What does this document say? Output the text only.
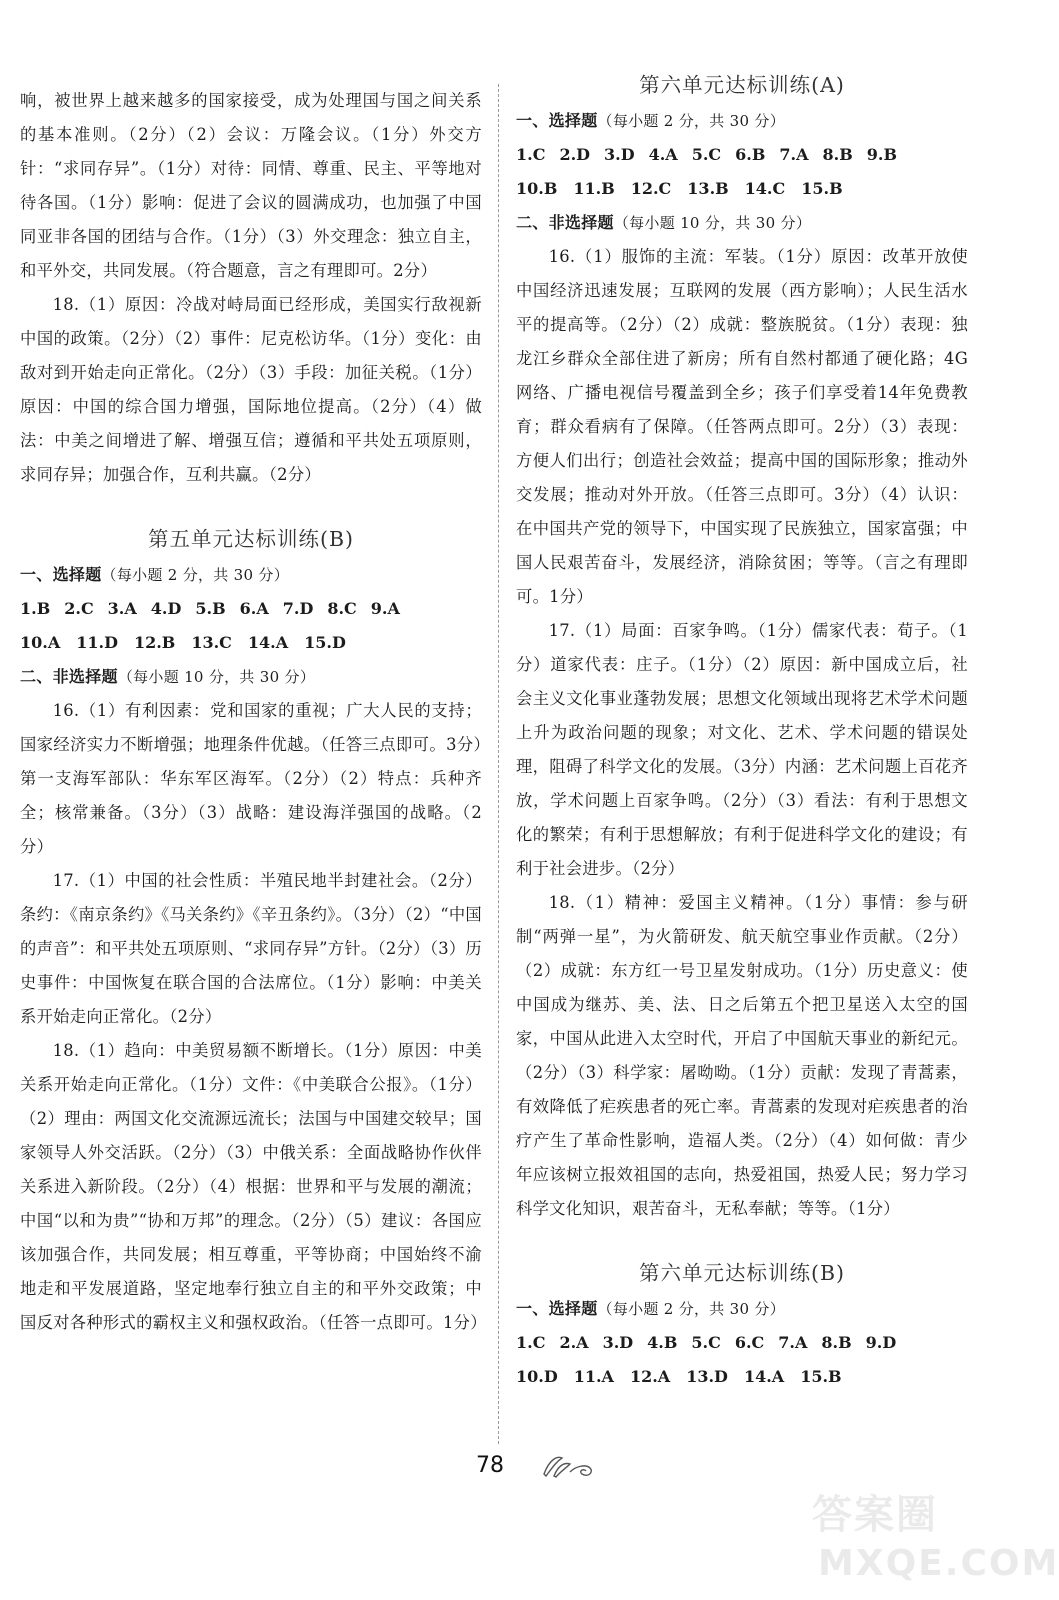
响，被世界上越来越多的国家接受，成为处理国与国之间关系的基本准则。（2分）（2）会议：万隆会议。（1分）外交方针：“求同存异”。（1分）对待：同情、尊重、民主、平等地对待各国。（1分）影响：促进了会议的圆满成功，也加强了中国同亚非各国的团结与合作。（1分）（3）外交理念：独立自主，和平外交，共同发展。（符合题意，言之有理即可。2分）

18.（1）原因：冷战对峙局面已经形成，美国实行敌视新中国的政策。（2分）（2）事件：尼克松访华。（1分）变化：由敌对到开始走向正常化。（2分）（3）手段：加征关税。（1分）原因：中国的综合国力增强，国际地位提高。（2分）（4）做法：中美之间增进了解、增强互信；遵循和平共处五项原则，求同存异；加强合作，互利共赢。（2分）

第五单元达标训练(B)

一、选择题（每小题 2 分，共 30 分）

1.B 2.C 3.A 4.D 5.B 6.A 7.D 8.C 9.A
10.A 11.D 12.B 13.C 14.A 15.D

二、非选择题（每小题 10 分，共 30 分）

16.（1）有利因素：党和国家的重视；广大人民的支持；国家经济实力不断增强；地理条件优越。（任答三点即可。3分）第一支海军部队：华东军区海军。（2分）（2）特点：兵种齐全；核常兼备。（3分）（3）战略：建设海洋强国的战略。（2分）

17.（1）中国的社会性质：半殖民地半封建社会。（2分）条约：《南京条约》《马关条约》《辛丑条约》。（3分）（2）“中国的声音”：和平共处五项原则、“求同存异”方针。（2分）（3）历史事件：中国恢复在联合国的合法席位。（1分）影响：中美关系开始走向正常化。（2分）

18.（1）趋向：中美贸易额不断增长。（1分）原因：中美关系开始走向正常化。（1分）文件：《中美联合公报》。（1分）（2）理由：两国文化交流源远流长；法国与中国建交较早；国家领导人外交活跃。（2分）（3）中俄关系：全面战略协作伙伴关系进入新阶段。（2分）（4）根据：世界和平与发展的潮流；中国“以和为贵”“协和万邦”的理念。（2分）（5）建议：各国应该加强合作，共同发展；相互尊重，平等协商；中国始终不渝地走和平发展道路，坚定地奉行独立自主的和平外交政策；中国反对各种形式的霸权主义和强权政治。（任答一点即可。1分）

第六单元达标训练(A)

一、选择题（每小题 2 分，共 30 分）

1.C 2.D 3.D 4.A 5.C 6.B 7.A 8.B 9.B
10.B 11.B 12.C 13.B 14.C 15.B

二、非选择题（每小题 10 分，共 30 分）

16.（1）服饰的主流：军装。（1分）原因：改革开放使中国经济迅速发展；互联网的发展（西方影响）；人民生活水平的提高等。（2分）（2）成就：整族脱贫。（1分）表现：独龙江乡群众全部住进了新房；所有自然村都通了硬化路；4G网络、广播电视信号覆盖到全乡；孩子们享受着14年免费教育；群众看病有了保障。（任答两点即可。2分）（3）表现：方便人们出行；创造社会效益；提高中国的国际形象；推动外交发展；推动对外开放。（任答三点即可。3分）（4）认识：在中国共产党的领导下，中国实现了民族独立，国家富强；中国人民艰苦奋斗，发展经济，消除贫困；等等。（言之有理即可。1分）

17.（1）局面：百家争鸣。（1分）儒家代表：荀子。（1分）道家代表：庄子。（1分）（2）原因：新中国成立后，社会主义文化事业蓬勃发展；思想文化领域出现将艺术学术问题上升为政治问题的现象；对文化、艺术、学术问题的错误处理，阻碍了科学文化的发展。（3分）内涵：艺术问题上百花齐放，学术问题上百家争鸣。（2分）（3）看法：有利于思想文化的繁荣；有利于思想解放；有利于促进科学文化的建设；有利于社会进步。（2分）

18.（1）精神：爱国主义精神。（1分）事情：参与研制“两弹一星”，为火箭研发、航天航空事业作贡献。（2分）（2）成就：东方红一号卫星发射成功。（1分）历史意义：使中国成为继苏、美、法、日之后第五个把卫星送入太空的国家，中国从此进入太空时代，开启了中国航天事业的新纪元。（2分）（3）科学家：屠呦呦。（1分）贡献：发现了青蒿素，有效降低了疟疾患者的死亡率。青蒿素的发现对疟疾患者的治疗产生了革命性影响，造福人类。（2分）（4）如何做：青少年应该树立报效祖国的志向，热爱祖国，热爱人民；努力学习科学文化知识，艰苦奋斗，无私奉献；等等。（1分）

第六单元达标训练(B)

一、选择题（每小题 2 分，共 30 分）

1.C 2.A 3.D 4.B 5.C 6.C 7.A 8.B 9.D
10.D 11.A 12.A 13.D 14.A 15.B
78
答案圈
MXQE.COM
